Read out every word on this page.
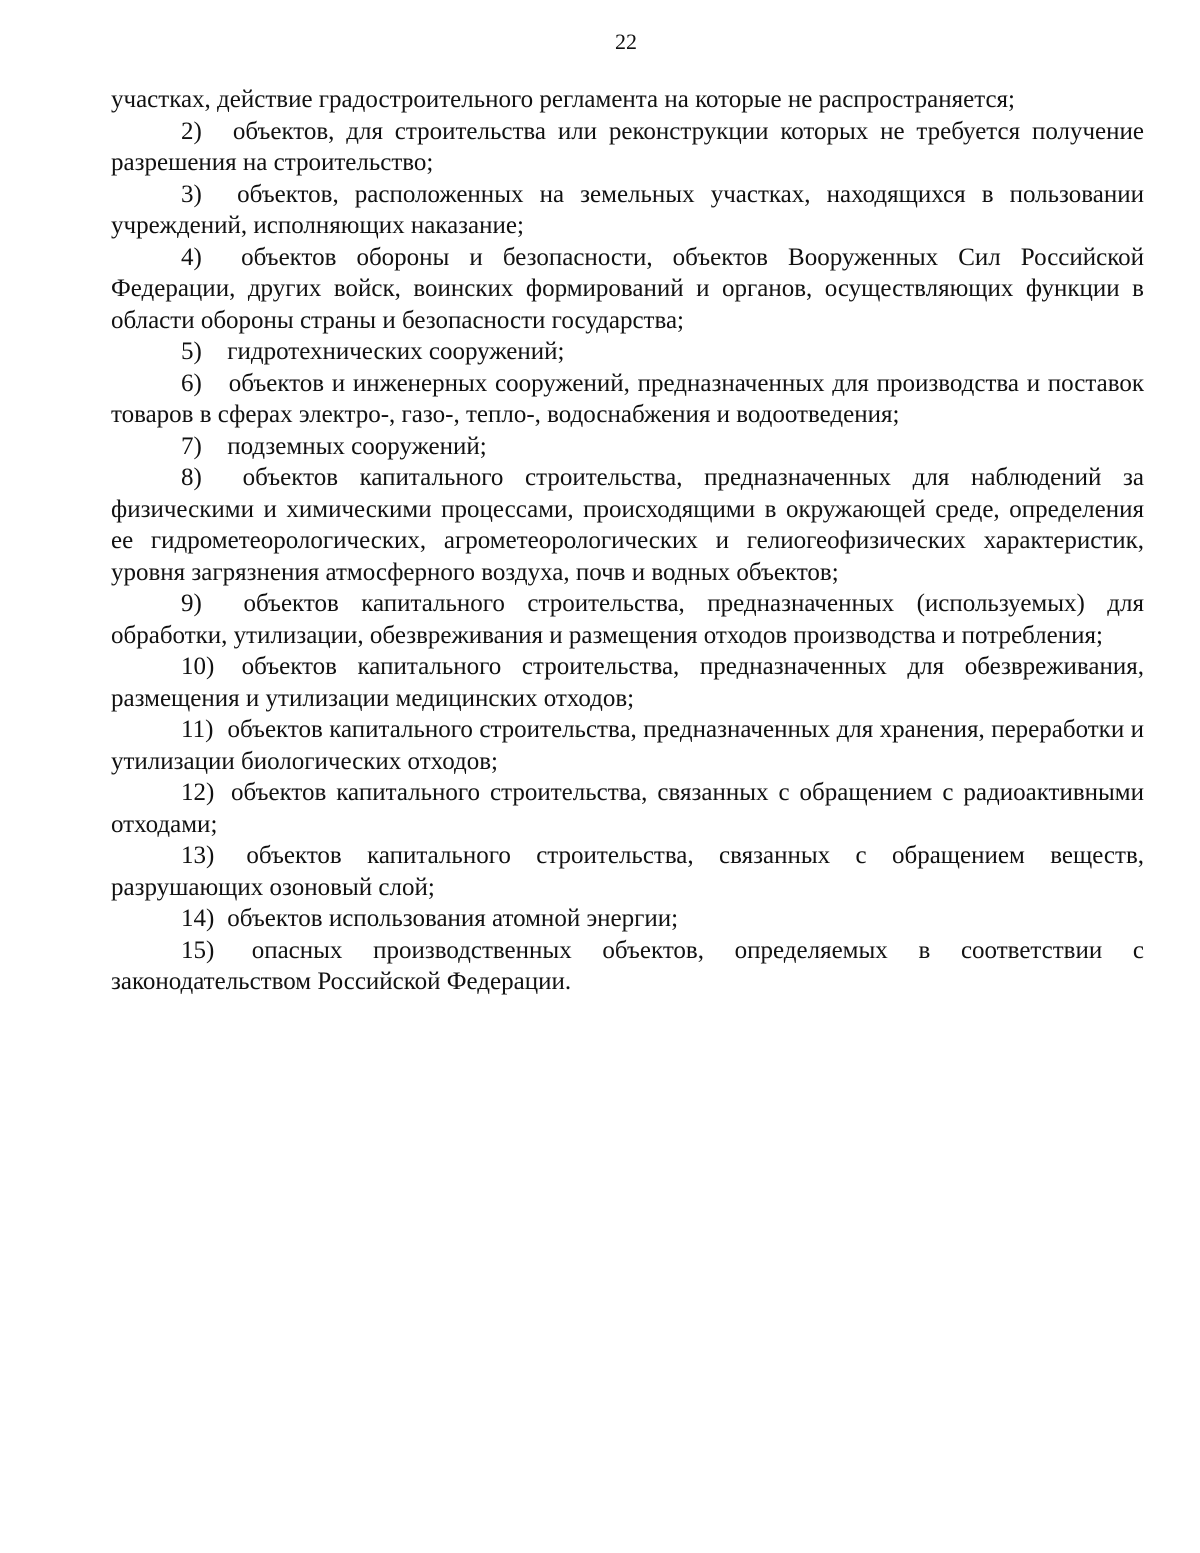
22

участках, действие градостроительного регламента на которые не распространяется;

2) объектов, для строительства или реконструкции которых не требуется получение разрешения на строительство;

3) объектов, расположенных на земельных участках, находящихся в пользовании учреждений, исполняющих наказание;

4) объектов обороны и безопасности, объектов Вооруженных Сил Российской Федерации, других войск, воинских формирований и органов, осуществляющих функции в области обороны страны и безопасности государства;

5) гидротехнических сооружений;

6) объектов и инженерных сооружений, предназначенных для производства и поставок товаров в сферах электро-, газо-, тепло-, водоснабжения и водоотведения;

7) подземных сооружений;

8) объектов капитального строительства, предназначенных для наблюдений за физическими и химическими процессами, происходящими в окружающей среде, определения ее гидрометеорологических, агрометеорологических и гелиогеофизических характеристик, уровня загрязнения атмосферного воздуха, почв и водных объектов;

9) объектов капитального строительства, предназначенных (используемых) для обработки, утилизации, обезвреживания и размещения отходов производства и потребления;

10) объектов капитального строительства, предназначенных для обезвреживания, размещения и утилизации медицинских отходов;

11) объектов капитального строительства, предназначенных для хранения, переработки и утилизации биологических отходов;

12) объектов капитального строительства, связанных с обращением с радиоактивными отходами;

13) объектов капитального строительства, связанных с обращением веществ, разрушающих озоновый слой;

14) объектов использования атомной энергии;

15) опасных производственных объектов, определяемых в соответствии с законодательством Российской Федерации.
